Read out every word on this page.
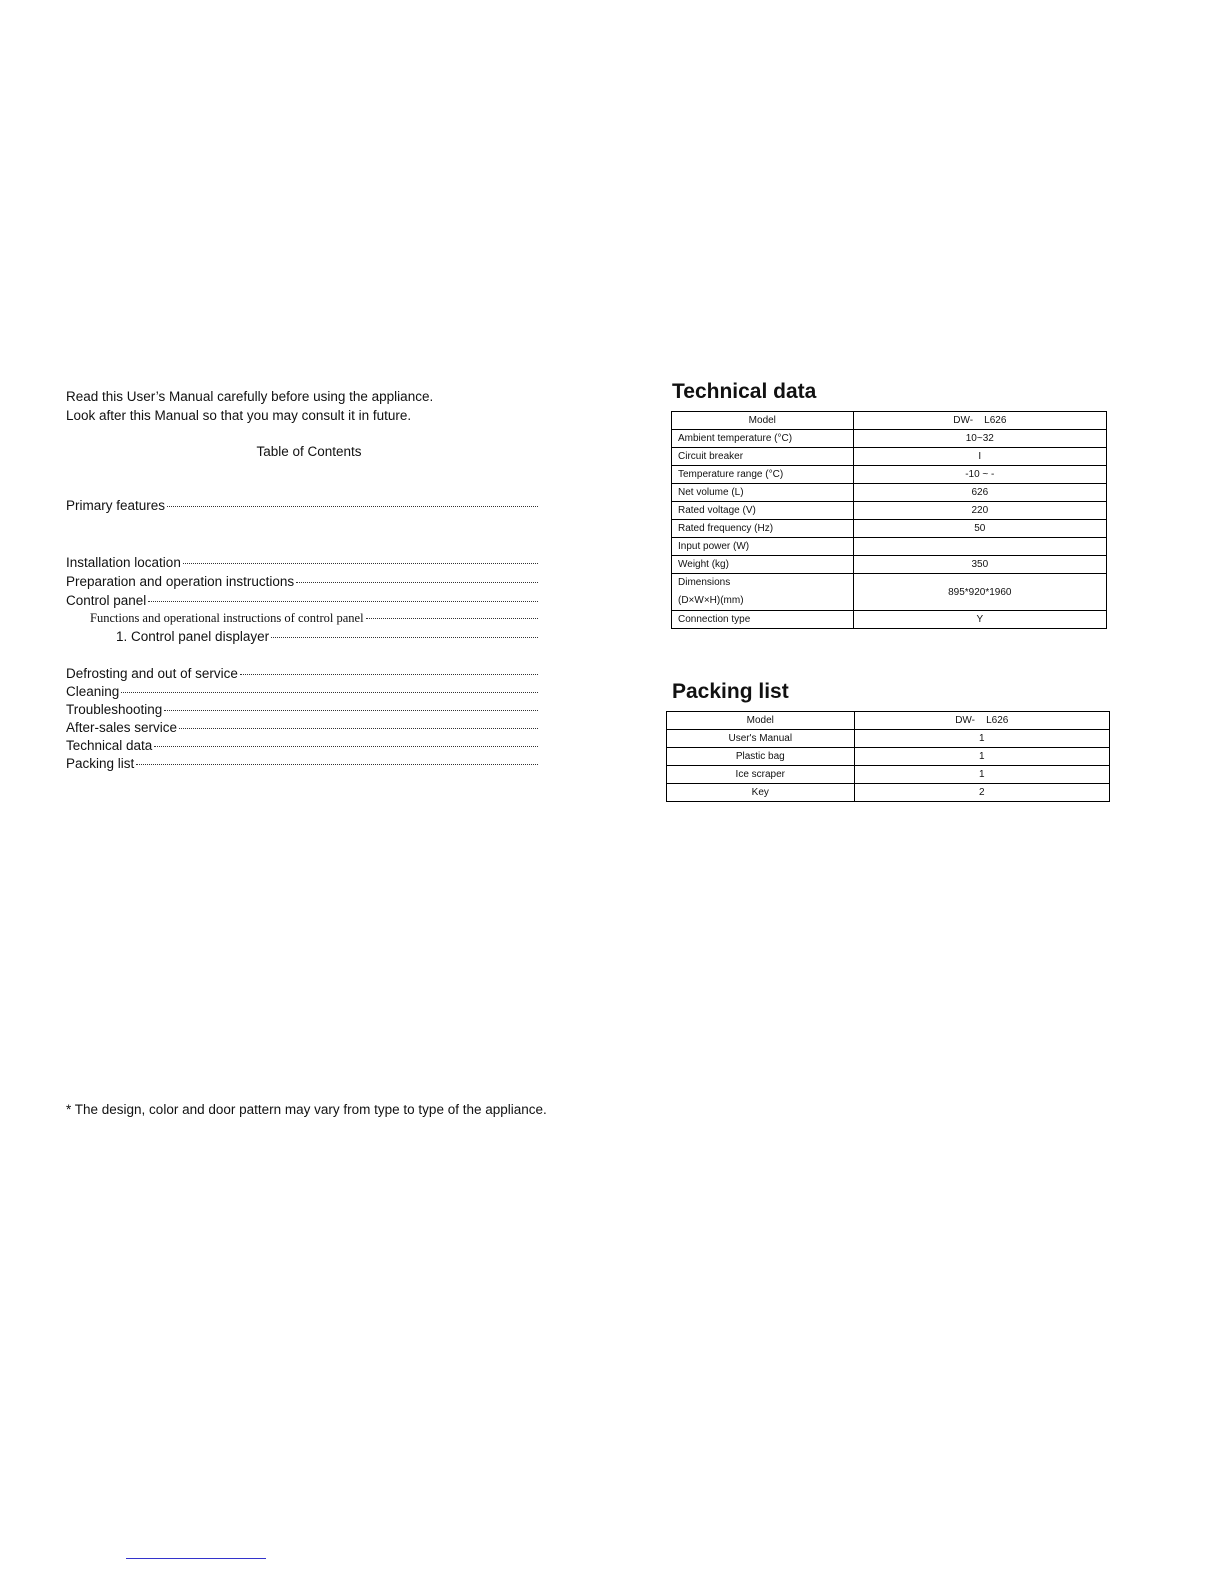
Read this User’s Manual carefully before using the appliance.

Look after this Manual so that you may consult it in future.

Table of Contents
Primary features
Installation location
Preparation and operation instructions
Control panel
Functions and operational instructions of control panel
1. Control panel displayer
Defrosting and out of service
Cleaning
Troubleshooting
After-sales service
Technical data
Packing list

* The design, color and door pattern may vary from type to type of the appliance.

Technical data
Model	DW-    L626
Ambient temperature (°C)	10~32
Circuit breaker	I
Temperature range (°C)	-10 ~ -
Net volume (L)	626
Rated voltage (V)	220
Rated frequency (Hz)	50
Input power (W)	
Weight (kg)	350

Dimensions
(D×W×H)(mm)	895*920*1960
Connection type	Y
Packing list
Model	DW-    L626
User's Manual	1
Plastic bag	1
Ice scraper	1
Key	2
